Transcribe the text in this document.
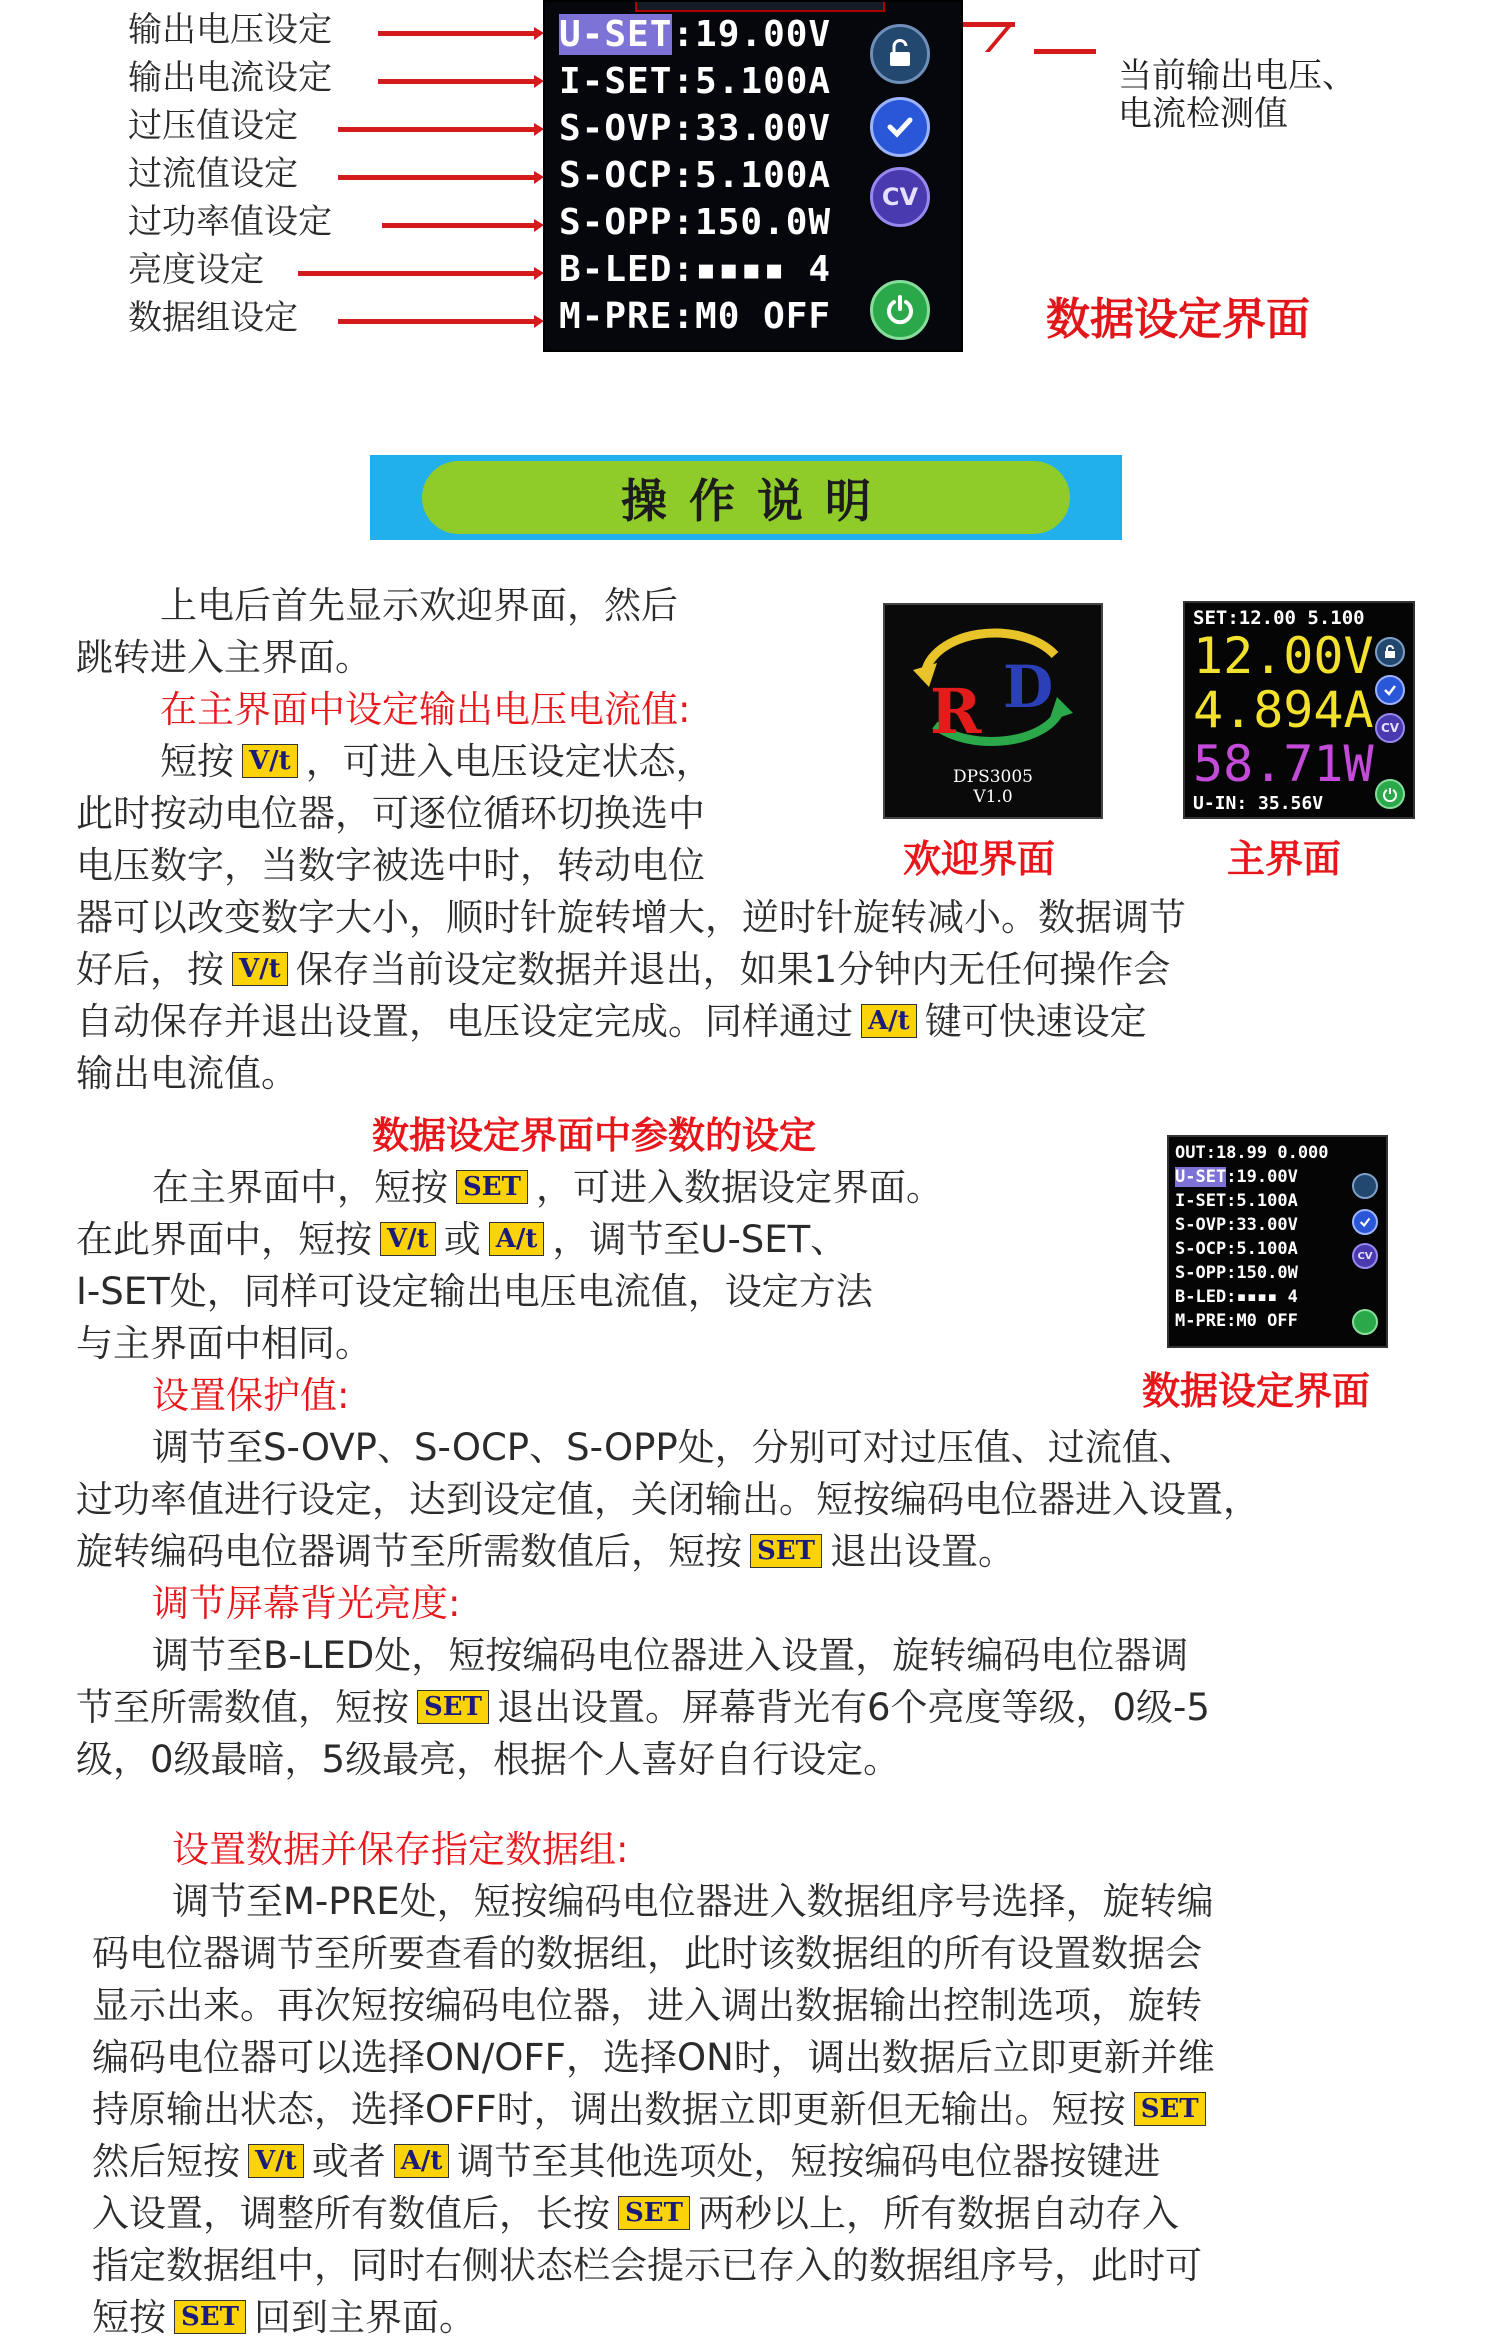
输出电压设定
输出电流设定
过压值设定
过流值设定
过功率值设定
亮度设定
数据组设定
U-SET:19.00V
I-SET:5.100A
S-OVP:33.00V
S-OCP:5.100A
S-OPP:150.0W
B-LED:▪▪▪▪ 4
M-PRE:M0 OFF
CV
当前输出电压、
电流检测值
数据设定界面
操作说明
上电后首先显示欢迎界面，然后
跳转进入主界面。
在主界面中设定输出电压电流值:
短按 V/t ，可进入电压设定状态，
此时按动电位器，可逐位循环切换选中
电压数字，当数字被选中时，转动电位
器可以改变数字大小，顺时针旋转增大，逆时针旋转减小。数据调节
好后，按 V/t 保存当前设定数据并退出，如果1分钟内无任何操作会
自动保存并退出设置，电压设定完成。同样通过 A/t 键可快速设定
输出电流值。
R D
DPS3005
V1.0
欢迎界面
SET:12.00 5.100
12.00V
4.894A
58.71W
U-IN: 35.56V
CV
主界面
数据设定界面中参数的设定
在主界面中，短按 SET ，可进入数据设定界面。
在此界面中，短按 V/t 或 A/t ，调节至U-SET、
I-SET处，同样可设定输出电压电流值，设定方法
与主界面中相同。
OUT:18.99 0.000
U-SET:19.00V
I-SET:5.100A
S-OVP:33.00V
S-OCP:5.100A
S-OPP:150.0W
B-LED:▪▪▪▪ 4
M-PRE:M0 OFF
CV
数据设定界面
设置保护值:
调节至S-OVP、S-OCP、S-OPP处，分别可对过压值、过流值、
过功率值进行设定，达到设定值，关闭输出。短按编码电位器进入设置，
旋转编码电位器调节至所需数值后，短按 SET 退出设置。
调节屏幕背光亮度:
调节至B-LED处，短按编码电位器进入设置，旋转编码电位器调
节至所需数值，短按 SET 退出设置。屏幕背光有6个亮度等级，0级-5
级，0级最暗，5级最亮，根据个人喜好自行设定。
设置数据并保存指定数据组:
调节至M-PRE处，短按编码电位器进入数据组序号选择，旋转编
码电位器调节至所要查看的数据组，此时该数据组的所有设置数据会
显示出来。再次短按编码电位器，进入调出数据输出控制选项，旋转
编码电位器可以选择ON/OFF，选择ON时，调出数据后立即更新并维
持原输出状态，选择OFF时，调出数据立即更新但无输出。短按 SET
然后短按 V/t 或者 A/t 调节至其他选项处，短按编码电位器按键进
入设置，调整所有数值后，长按 SET 两秒以上，所有数据自动存入
指定数据组中，同时右侧状态栏会提示已存入的数据组序号，此时可
短按 SET 回到主界面。
